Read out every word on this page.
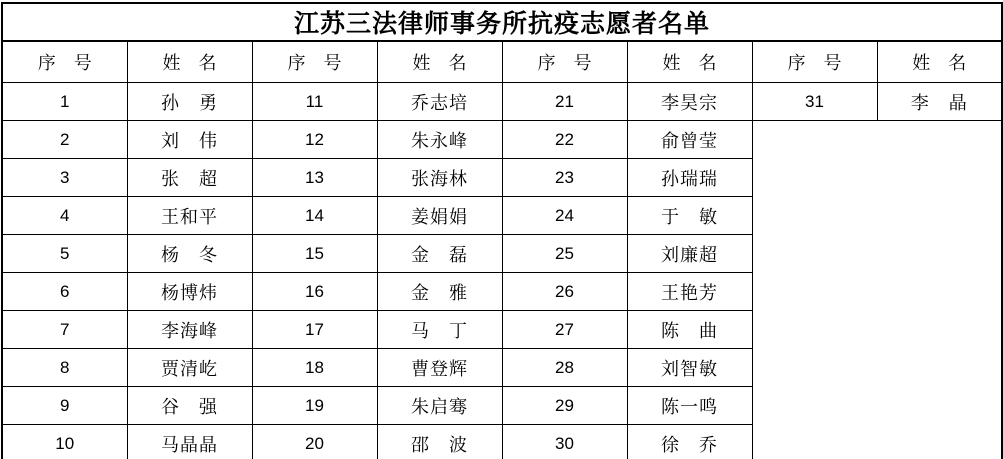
江苏三法律师事务所抗疫志愿者名单							
序　号	姓　名	序　号	姓　名	序　号	姓　名	序　号	姓　名
1	孙　勇	11	乔志培	21	李昊宗	31	李　晶
2	刘　伟	12	朱永峰	22	俞曾莹		
3	张　超	13	张海林	23	孙瑞瑞		
4	王和平	14	姜娟娟	24	于　敏		
5	杨　冬	15	金　磊	25	刘廉超		
6	杨博炜	16	金　雅	26	王艳芳		
7	李海峰	17	马　丁	27	陈　曲		
8	贾清屹	18	曹登辉	28	刘智敏		
9	谷　强	19	朱启骞	29	陈一鸣		
10	马晶晶	20	邵　波	30	徐　乔		
